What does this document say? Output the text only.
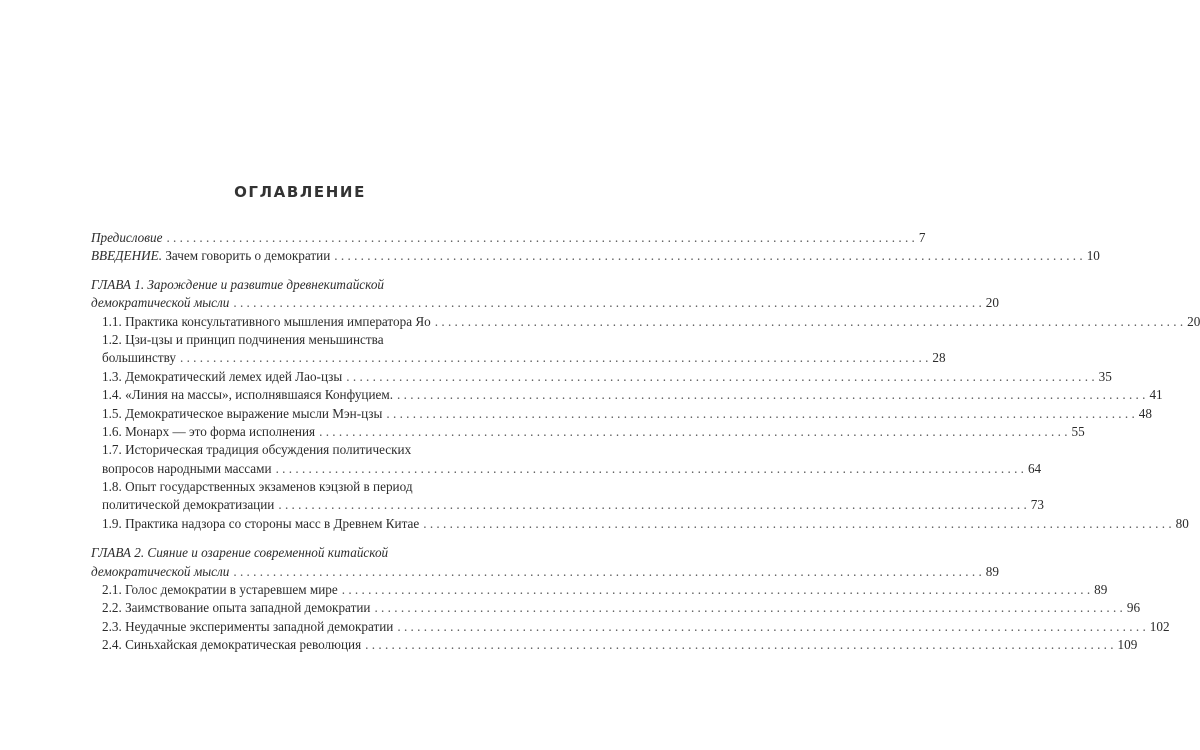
ОГЛАВЛЕНИЕ
Предисловие . . .	7
ВВЕДЕНИЕ. Зачем говорить о демократии . . .	10
ГЛАВА 1. Зарождение и развитие древнекитайской
демократической мысли . . .	20
1.1. Практика консультативного мышления императора Яо . . .	20
1.2. Цзи-цзы и принцип подчинения меньшинства
большинству . . .	28
1.3. Демократический лемех идей Лао-цзы . . .	35
1.4. «Линия на массы», исполнявшаяся Конфуцием. . . .	41
1.5. Демократическое выражение мысли Мэн-цзы . . .	48
1.6. Монарх — это форма исполнения . . .	55
1.7. Историческая традиция обсуждения политических
вопросов народными массами . . .	64
1.8. Опыт государственных экзаменов кэцзюй в период
политической демократизации . . .	73
1.9. Практика надзора со стороны масс в Древнем Китае . . .	80
ГЛАВА 2. Сияние и озарение современной китайской
демократической мысли . . .	89
2.1. Голос демократии в устаревшем мире . . .	89
2.2. Заимствование опыта западной демократии . . .	96
2.3. Неудачные эксперименты западной демократии . . .	102
2.4. Синьхайская демократическая революция . . .	109
